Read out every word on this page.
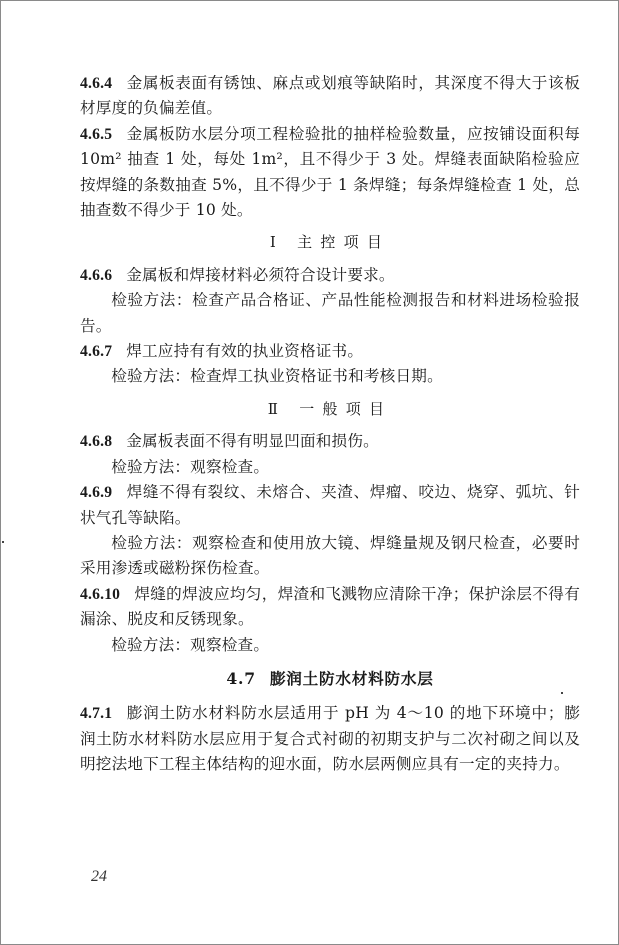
4.6.4 金属板表面有锈蚀、麻点或划痕等缺陷时，其深度不得大于该板材厚度的负偏差值。

4.6.5 金属板防水层分项工程检验批的抽样检验数量，应按铺设面积每 10m² 抽查 1 处，每处 1m²，且不得少于 3 处。焊缝表面缺陷检验应按焊缝的条数抽查 5%，且不得少于 1 条焊缝；每条焊缝检查 1 处，总抽查数不得少于 10 处。

Ⅰ 主控项目

4.6.6 金属板和焊接材料必须符合设计要求。

检验方法：检查产品合格证、产品性能检测报告和材料进场检验报告。

4.6.7 焊工应持有有效的执业资格证书。

检验方法：检查焊工执业资格证书和考核日期。

Ⅱ 一般项目

4.6.8 金属板表面不得有明显凹面和损伤。

检验方法：观察检查。

4.6.9 焊缝不得有裂纹、未熔合、夹渣、焊瘤、咬边、烧穿、弧坑、针状气孔等缺陷。

检验方法：观察检查和使用放大镜、焊缝量规及钢尺检查，必要时采用渗透或磁粉探伤检查。

4.6.10 焊缝的焊波应均匀，焊渣和飞溅物应清除干净；保护涂层不得有漏涂、脱皮和反锈现象。

检验方法：观察检查。

4.7 膨润土防水材料防水层

4.7.1 膨润土防水材料防水层适用于 pH 为 4～10 的地下环境中；膨润土防水材料防水层应用于复合式衬砌的初期支护与二次衬砌之间以及明挖法地下工程主体结构的迎水面，防水层两侧应具有一定的夹持力。

24
